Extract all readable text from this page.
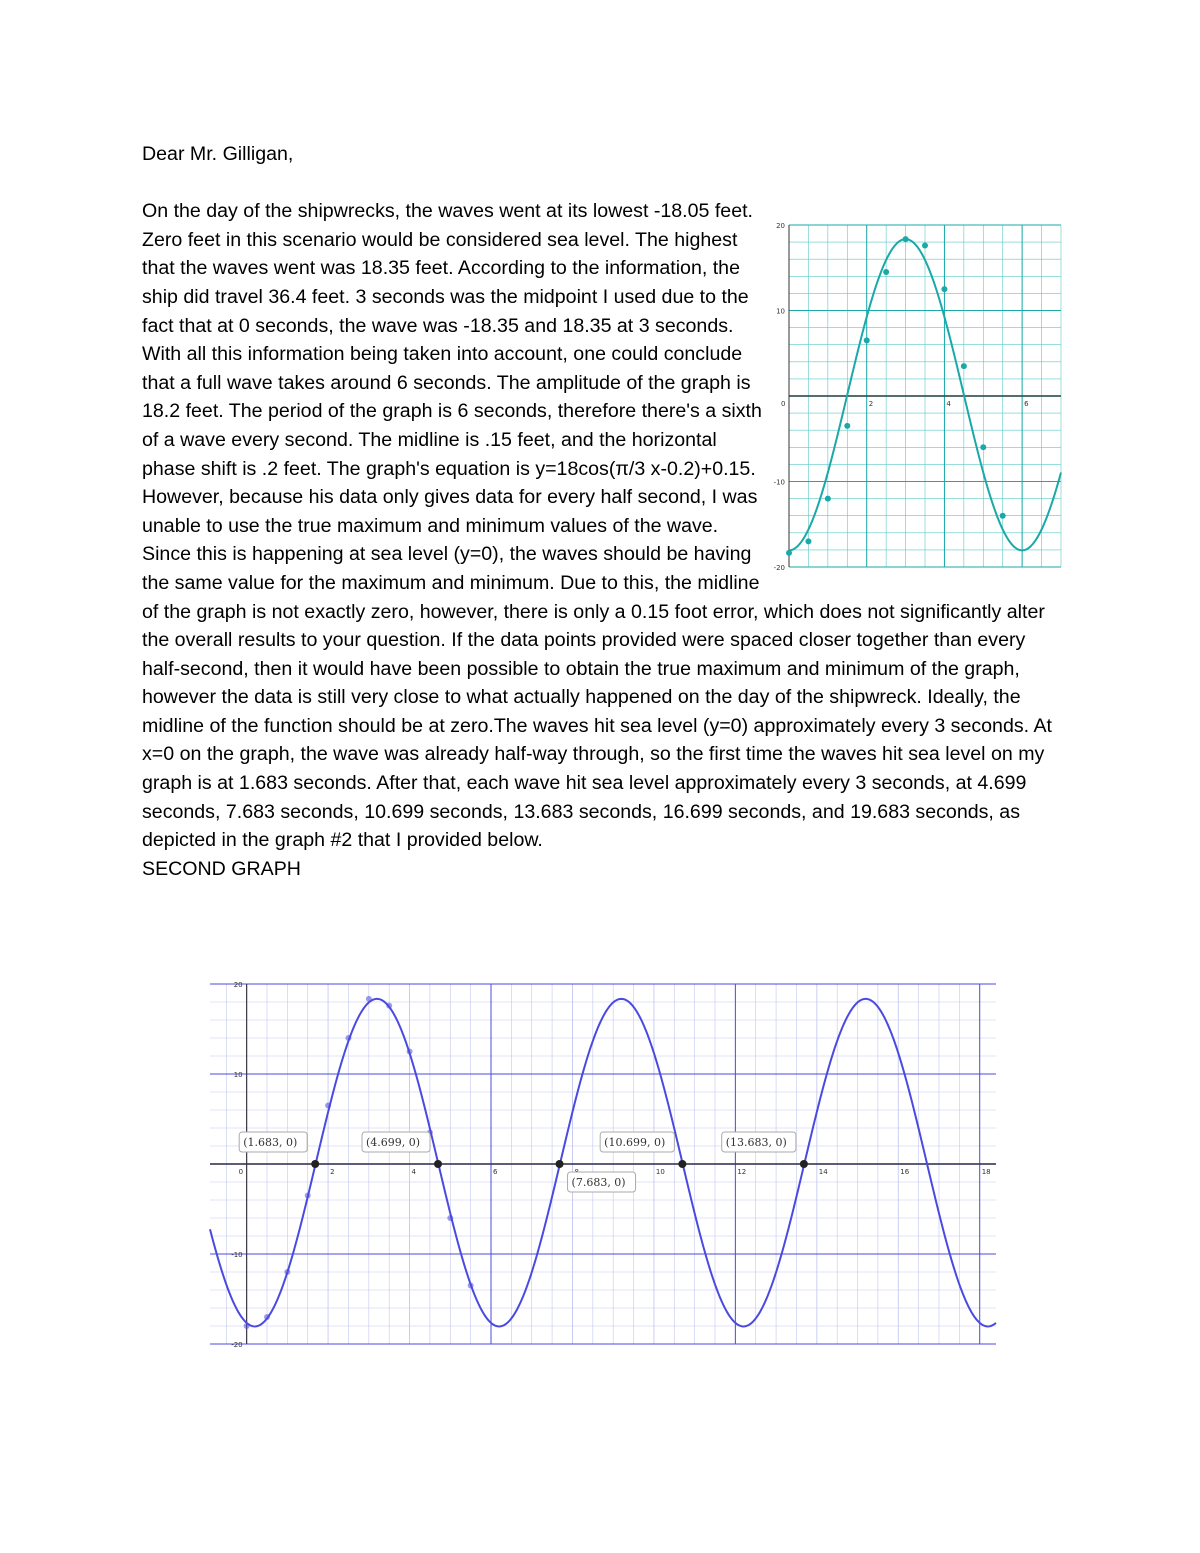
Dear Mr. Gilligan,

0	2	4	6
20
10
-10
-20

On the day of the shipwrecks, the waves went at its lowest -18.05 feet. Zero feet in this scenario would be considered sea level. The highest that the waves went was 18.35 feet. According to the information, the ship did travel 36.4 feet. 3 seconds was the midpoint I used due to the fact that at 0 seconds, the wave was -18.35 and 18.35 at 3 seconds. With all this information being taken into account, one could conclude that a full wave takes around 6 seconds. The amplitude of the graph is 18.2 feet. The period of the graph is 6 seconds, therefore there's a sixth of a wave every second. The midline is .15 feet, and the horizontal phase shift is .2 feet. The graph's equation is y=18cos(π/3 x-0.2)+0.15. However, because his data only gives data for every half second, I was unable to use the true maximum and minimum values of the wave. Since this is happening at sea level (y=0), the waves should be having the same value for the maximum and minimum. Due to this, the midline of the graph is not exactly zero, however, there is only a 0.15 foot error, which does not significantly alter the overall results to your question. If the data points provided were spaced closer together than every half-second, then it would have been possible to obtain the true maximum and minimum of the graph, however the data is still very close to what actually happened on the day of the shipwreck. Ideally, the midline of the function should be at zero.The waves hit sea level (y=0) approximately every 3 seconds. At x=0 on the graph, the wave was already half-way through, so the first time the waves hit sea level on my graph is at 1.683 seconds. After that, each wave hit sea level approximately every 3 seconds, at 4.699 seconds, 7.683 seconds, 10.699 seconds, 13.683 seconds, 16.699 seconds, and 19.683 seconds, as depicted in the graph #2 that I provided below.

SECOND GRAPH

0	2	4	6	10	12	14	16	18
20
10
-10
-20
(1.683, 0)	(4.699, 0)
(7.683, 0)
(10.699, 0)	(13.683, 0)
